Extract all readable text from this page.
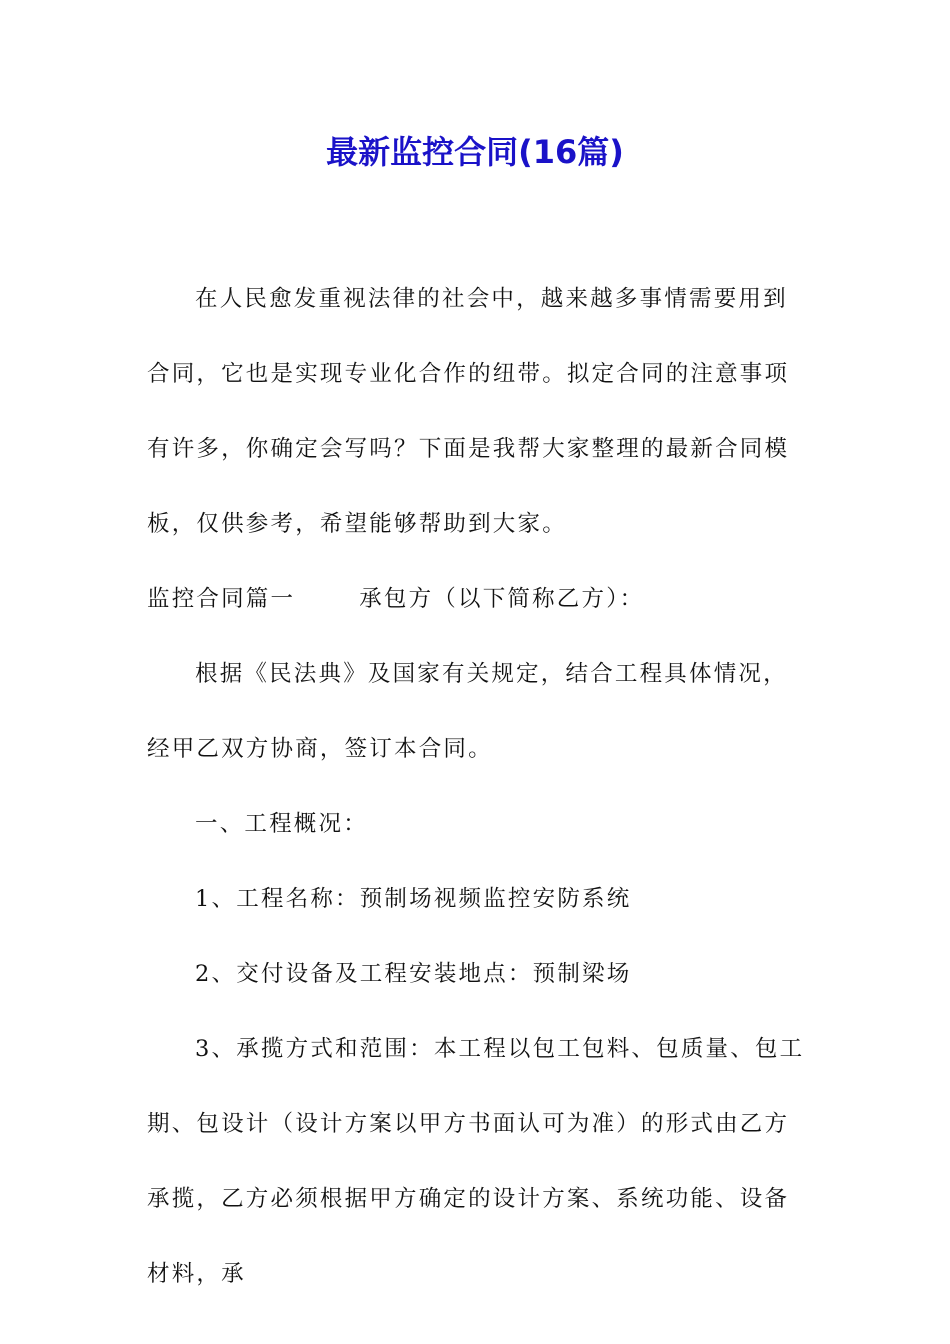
最新监控合同(16篇)

在人民愈发重视法律的社会中，越来越多事情需要用到合同，它也是实现专业化合作的纽带。拟定合同的注意事项有许多，你确定会写吗？下面是我帮大家整理的最新合同模板，仅供参考，希望能够帮助到大家。

监控合同篇一	承包方（以下简称乙方）：

根据《民法典》及国家有关规定，结合工程具体情况，经甲乙双方协商，签订本合同。

一、工程概况：

1、工程名称：预制场视频监控安防系统

2、交付设备及工程安装地点：预制梁场

3、承揽方式和范围：本工程以包工包料、包质量、包工期、包设计（设计方案以甲方书面认可为准）的形式由乙方承揽，乙方必须根据甲方确定的设计方案、系统功能、设备材料，承
